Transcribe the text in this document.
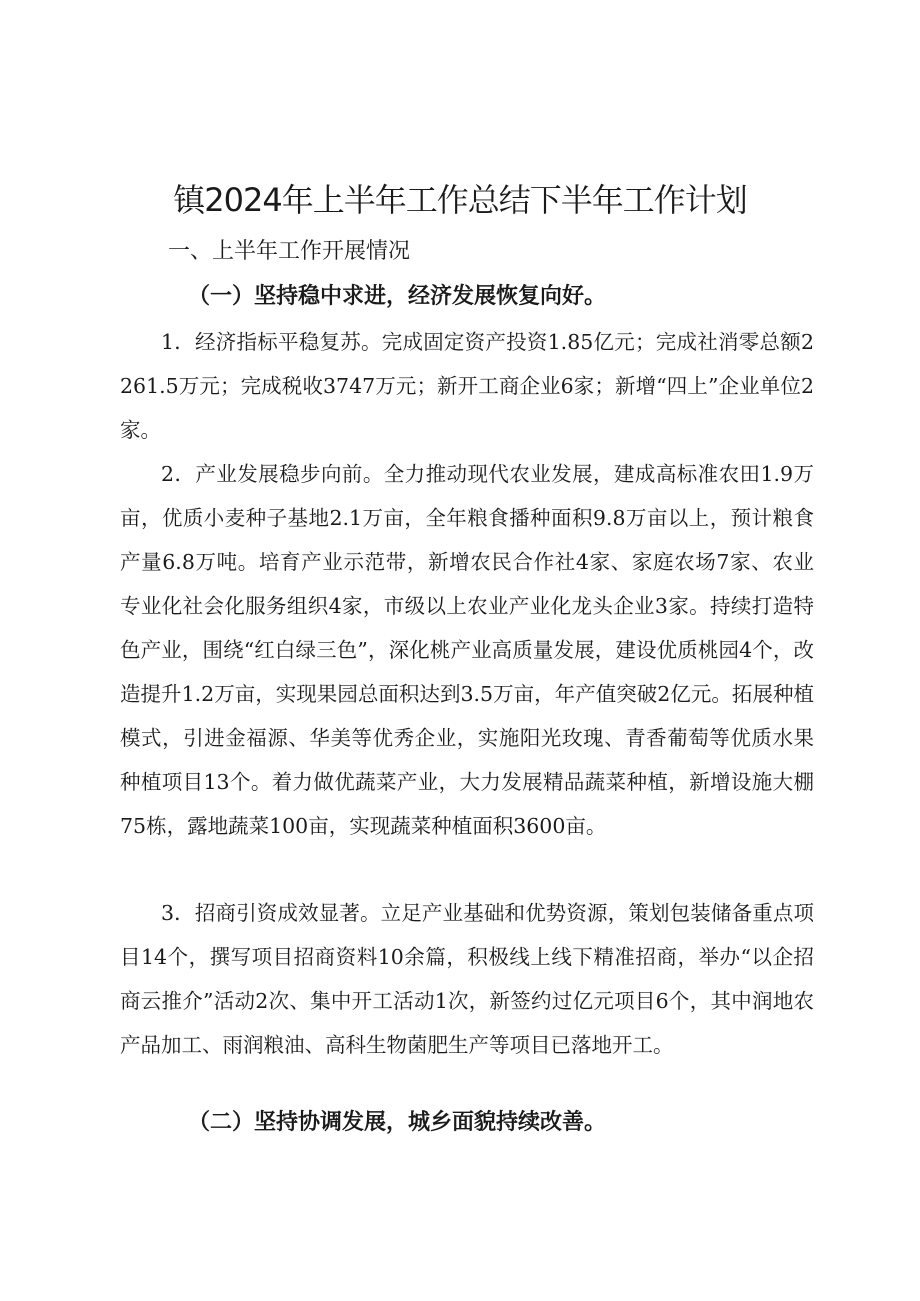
镇2024年上半年工作总结下半年工作计划
一、上半年工作开展情况
（一）坚持稳中求进，经济发展恢复向好。

1．经济指标平稳复苏。完成固定资产投资1.85亿元；完成社消零总额2261.5万元；完成税收3747万元；新开工商企业6家；新增“四上”企业单位2家。

2．产业发展稳步向前。全力推动现代农业发展，建成高标准农田1.9万亩，优质小麦种子基地2.1万亩，全年粮食播种面积9.8万亩以上，预计粮食产量6.8万吨。培育产业示范带，新增农民合作社4家、家庭农场7家、农业专业化社会化服务组织4家，市级以上农业产业化龙头企业3家。持续打造特色产业，围绕“红白绿三色”，深化桃产业高质量发展，建设优质桃园4个，改造提升1.2万亩，实现果园总面积达到3.5万亩，年产值突破2亿元。拓展种植模式，引进金福源、华美等优秀企业，实施阳光玫瑰、青香葡萄等优质水果种植项目13个。着力做优蔬菜产业，大力发展精品蔬菜种植，新增设施大棚75栋，露地蔬菜100亩，实现蔬菜种植面积3600亩。

3．招商引资成效显著。立足产业基础和优势资源，策划包装储备重点项目14个，撰写项目招商资料10余篇，积极线上线下精准招商，举办“以企招商云推介”活动2次、集中开工活动1次，新签约过亿元项目6个，其中润地农产品加工、雨润粮油、高科生物菌肥生产等项目已落地开工。

（二）坚持协调发展，城乡面貌持续改善。
